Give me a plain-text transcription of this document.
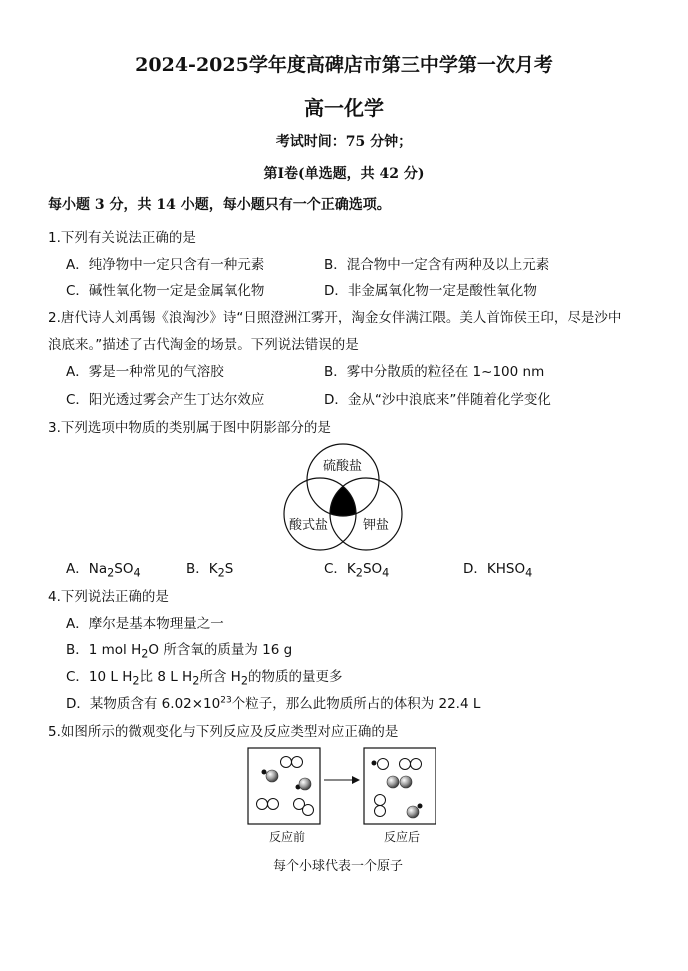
2024-2025学年度高碑店市第三中学第一次月考
高一化学
考试时间：75 分钟；
第Ⅰ卷(单选题，共 42 分)
每小题 3 分，共 14 小题，每小题只有一个正确选项。
1.下列有关说法正确的是
A．纯净物中一定只含有一种元素	B．混合物中一定含有两种及以上元素
C．碱性氧化物一定是金属氧化物	D．非金属氧化物一定是酸性氧化物
2.唐代诗人刘禹锡《浪淘沙》诗“日照澄洲江雾开，淘金女伴满江隈。美人首饰侯王印，尽是沙中
浪底来。”描述了古代淘金的场景。下列说法错误的是
A．雾是一种常见的气溶胶	B．雾中分散质的粒径在 1~100 nm
C．阳光透过雾会产生丁达尔效应	D．金从“沙中浪底来”伴随着化学变化
3.下列选项中物质的类别属于图中阴影部分的是
硫酸盐
酸式盐	钾盐
A．$Na_2SO_4$	B．$K_2S$	C．$K_2SO_4$	D．$KHSO_4$
4.下列说法正确的是
A．摩尔是基本物理量之一
B．1 mol $H_2O$ 所含氧的质量为 16 g
C．10 L $H_2$比 8 L $H_2$所含 $H_2$的物质的量更多
D．某物质含有 $6.02\times 10^{23}$个粒子，那么此物质所占的体积为 22.4 L
5.如图所示的微观变化与下列反应及反应类型对应正确的是
反应前	反应后
每个小球代表一个原子
